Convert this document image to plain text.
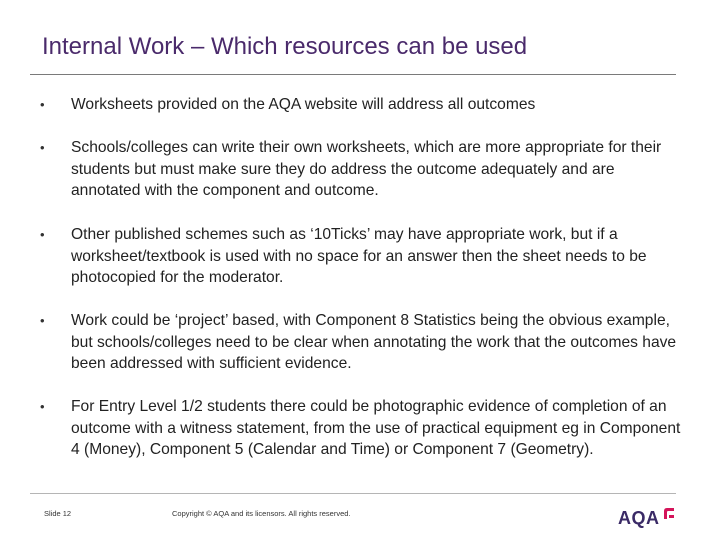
Internal Work – Which resources can be used
• Worksheets provided on the AQA website will address all outcomes
• Schools/colleges can write their own worksheets, which are more appropriate for their students but must make sure they do address the outcome adequately and are annotated with the component and outcome.
• Other published schemes such as ‘10Ticks’ may have appropriate work, but if a worksheet/textbook is used with no space for an answer then the sheet needs to be photocopied for the moderator.
• Work could be ‘project’ based, with Component 8 Statistics being the obvious example, but schools/colleges need to be clear when annotating the work that the outcomes have been addressed with sufficient evidence.
• For Entry Level 1/2 students there could be photographic evidence of completion of an outcome with a witness statement, from the use of practical equipment eg in Component 4 (Money), Component 5 (Calendar and Time) or Component 7 (Geometry).
Slide 12	Copyright © AQA and its licensors. All rights reserved.	AQA
